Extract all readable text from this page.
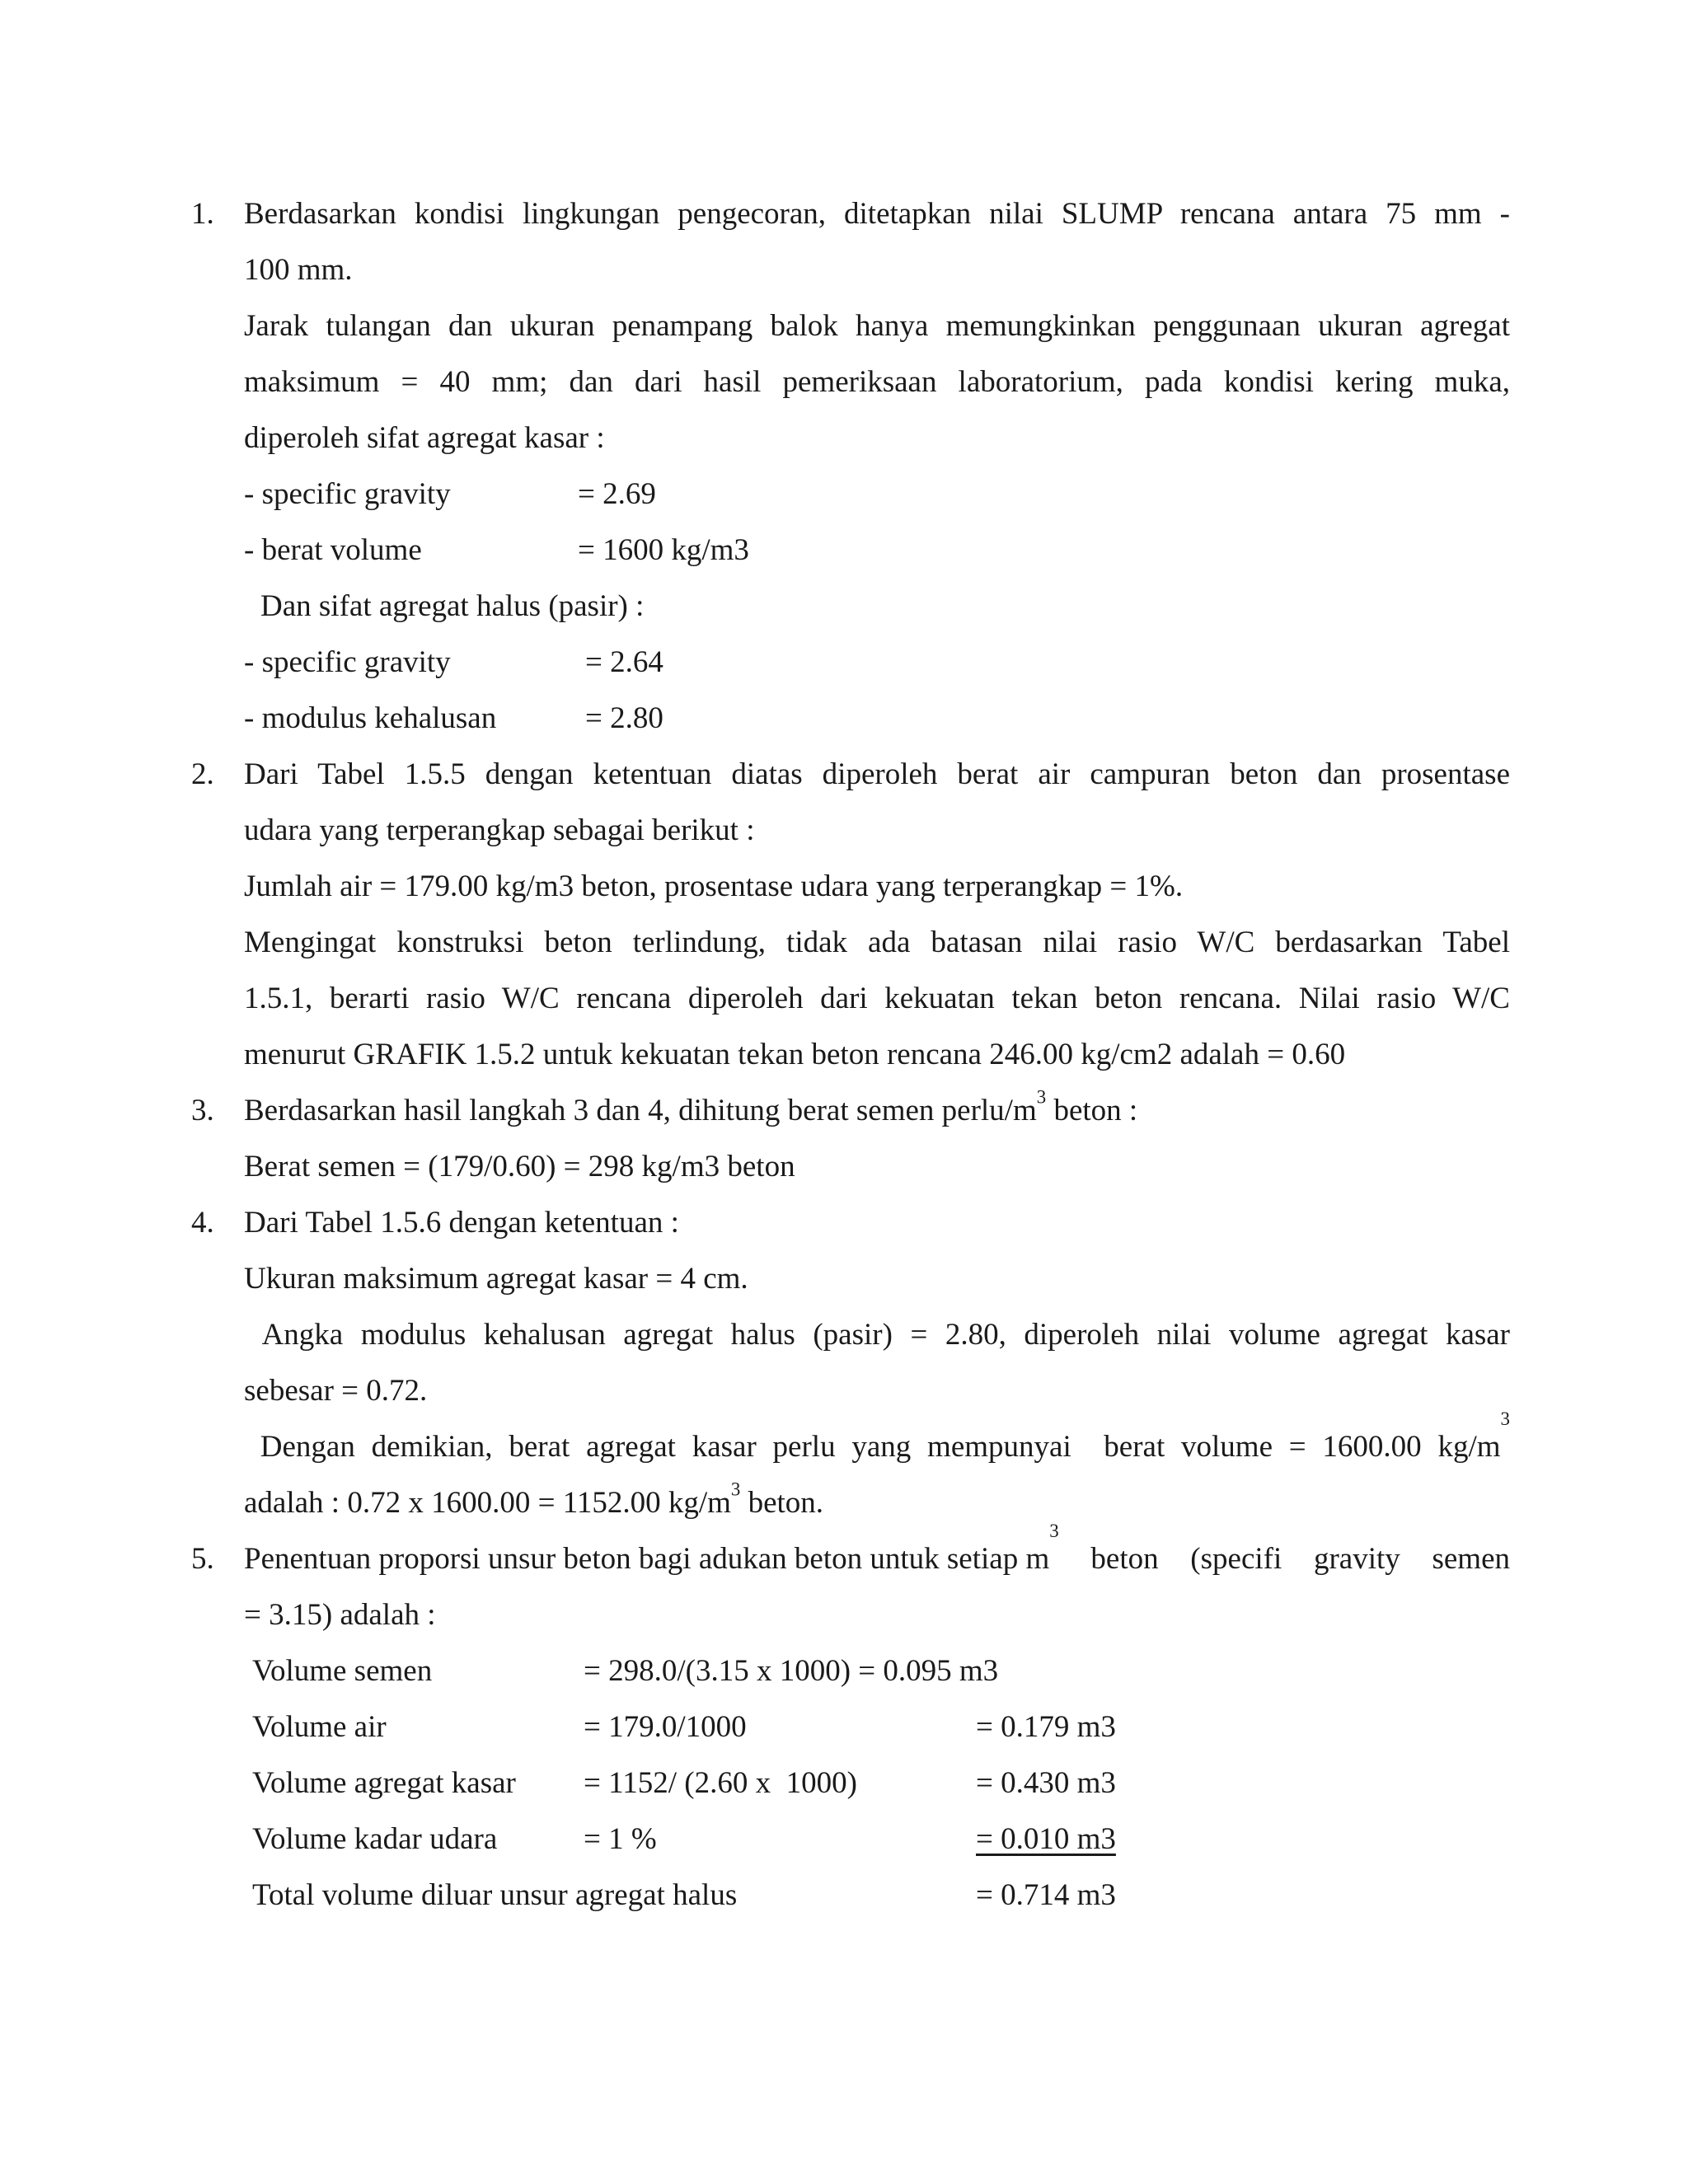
1. Berdasarkan kondisi lingkungan pengecoran, ditetapkan nilai SLUMP rencana antara 75 mm -
100 mm.
Jarak tulangan dan ukuran penampang balok hanya memungkinkan penggunaan ukuran agregat
maksimum = 40 mm; dan dari hasil pemeriksaan laboratorium, pada kondisi kering muka,
diperoleh sifat agregat kasar :
- specific gravity	= 2.69
- berat volume	= 1600 kg/m3
Dan sifat agregat halus (pasir) :
- specific gravity	= 2.64
- modulus kehalusan	= 2.80
2. Dari Tabel 1.5.5 dengan ketentuan diatas diperoleh berat air campuran beton dan prosentase
udara yang terperangkap sebagai berikut :
Jumlah air = 179.00 kg/m3 beton, prosentase udara yang terperangkap = 1%.
Mengingat konstruksi beton terlindung, tidak ada batasan nilai rasio W/C berdasarkan Tabel
1.5.1, berarti rasio W/C rencana diperoleh dari kekuatan tekan beton rencana. Nilai rasio W/C
menurut GRAFIK 1.5.2 untuk kekuatan tekan beton rencana 246.00 kg/cm2 adalah = 0.60
3. Berdasarkan hasil langkah 3 dan 4, dihitung berat semen perlu/$m^3$ beton :
Berat semen = (179/0.60) = 298 kg/m3 beton
4. Dari Tabel 1.5.6 dengan ketentuan :
Ukuran maksimum agregat kasar = 4 cm.
Angka modulus kehalusan agregat halus (pasir) = 2.80, diperoleh nilai volume agregat kasar
sebesar = 0.72.
Dengan demikian, berat agregat kasar perlu yang mempunyai  berat volume = 1600.00 kg/m
3
adalah : 0.72 x 1600.00 = 1152.00 $kg/m^3$ beton.
5. Penentuan proporsi unsur beton bagi adukan beton untuk setiap m
3
beton (specifi gravity semen
= 3.15) adalah :
Volume semen	= 298.0/(3.15 x 1000) = 0.095 m3
Volume air	= 179.0/1000	= 0.179 m3
Volume agregat kasar = 1152/ (2.60 x  1000)	= 0.430 m3
Volume kadar udara	= 1 %	= 0.010 m3
Total volume diluar unsur agregat halus	= 0.714 m3
